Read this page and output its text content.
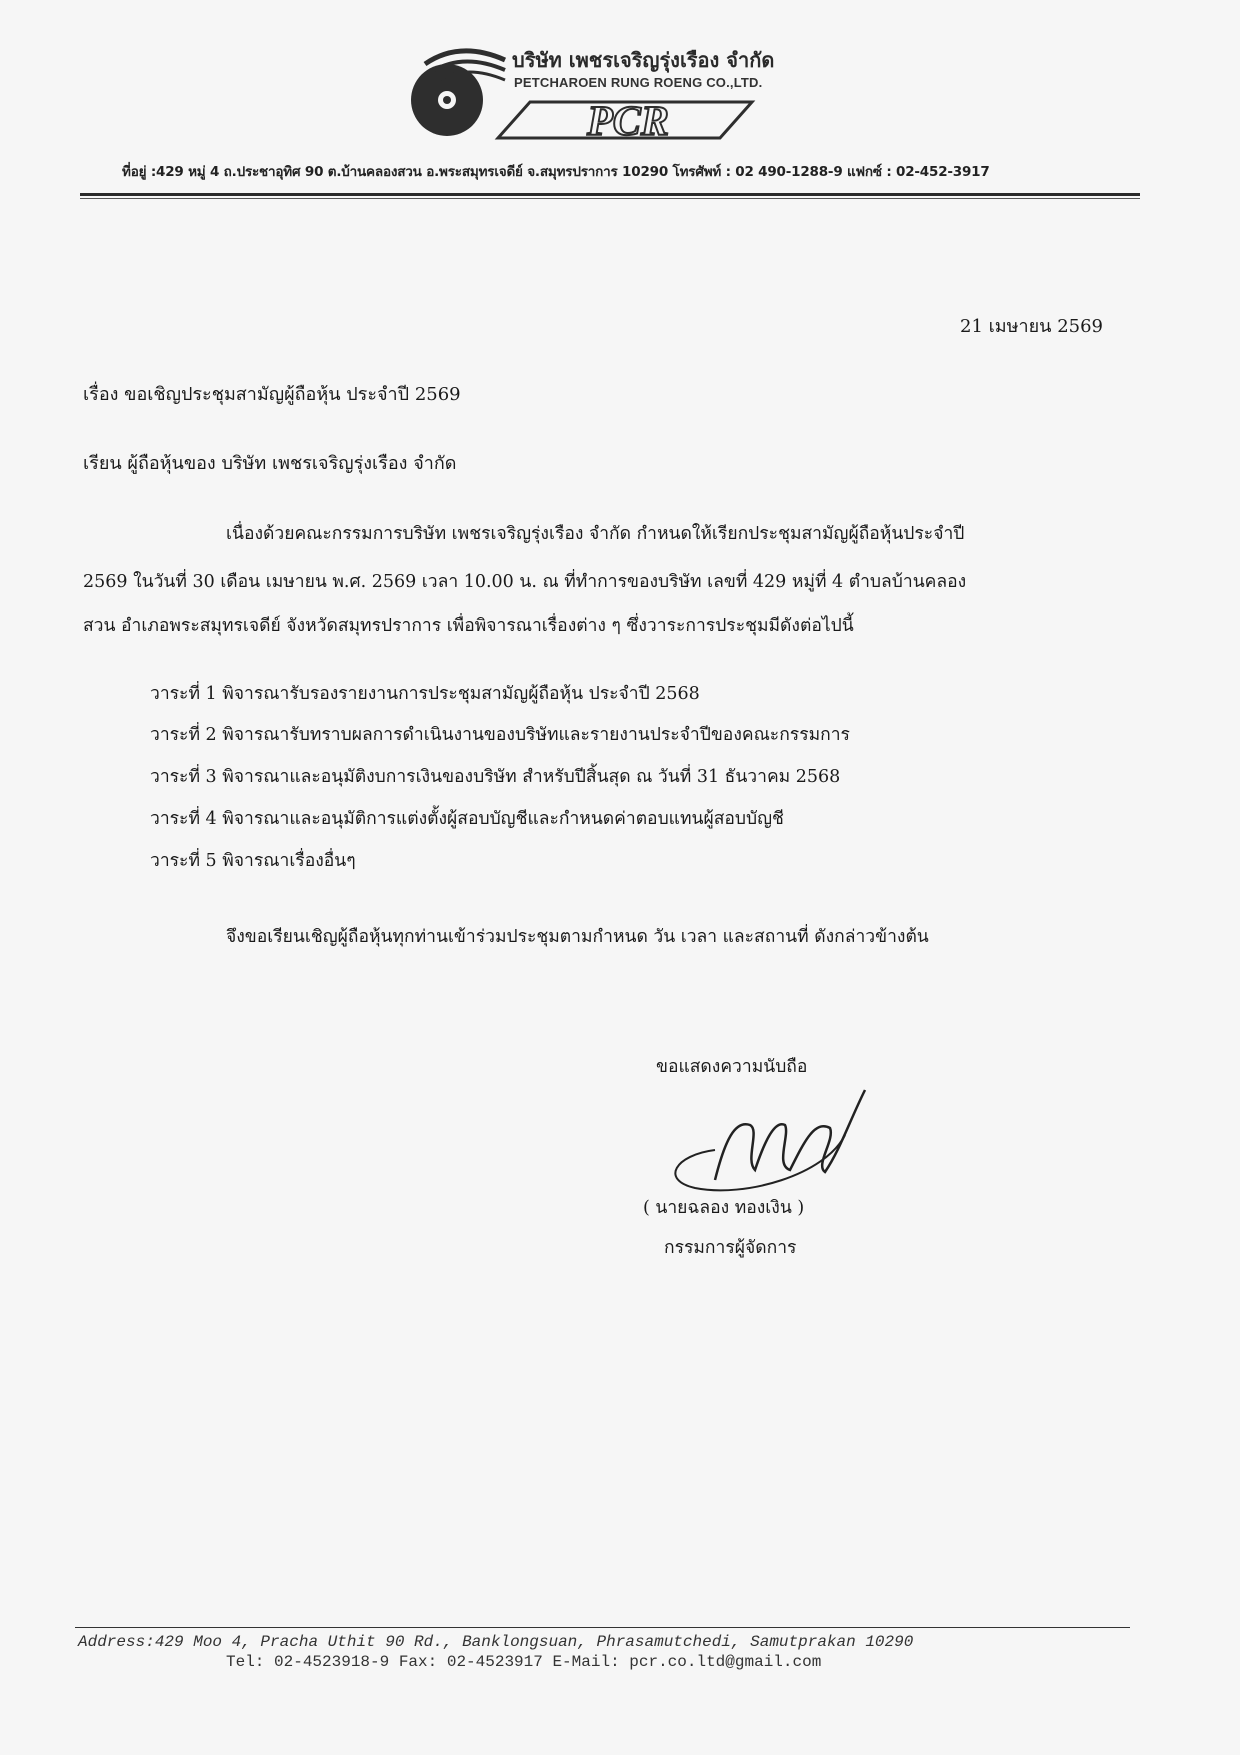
บริษัท เพชรเจริญรุ่งเรือง จำกัด
PETCHAROEN RUNG ROENG CO.,LTD.
PCR
ที่อยู่ :429 หมู่ 4 ถ.ประชาอุทิศ 90 ต.บ้านคลองสวน อ.พระสมุทรเจดีย์ จ.สมุทรปราการ 10290 โทรศัพท์ : 02 490-1288-9 แฟกซ์ : 02-452-3917
21 เมษายน 2569
เรื่อง ขอเชิญประชุมสามัญผู้ถือหุ้น ประจำปี 2569
เรียน ผู้ถือหุ้นของ บริษัท เพชรเจริญรุ่งเรือง จำกัด
เนื่องด้วยคณะกรรมการบริษัท เพชรเจริญรุ่งเรือง จำกัด กำหนดให้เรียกประชุมสามัญผู้ถือหุ้นประจำปี
2569 ในวันที่ 30 เดือน เมษายน พ.ศ. 2569 เวลา 10.00 น. ณ ที่ทำการของบริษัท เลขที่ 429 หมู่ที่ 4 ตำบลบ้านคลอง
สวน อำเภอพระสมุทรเจดีย์ จังหวัดสมุทรปราการ เพื่อพิจารณาเรื่องต่าง ๆ ซึ่งวาระการประชุมมีดังต่อไปนี้
วาระที่ 1 พิจารณารับรองรายงานการประชุมสามัญผู้ถือหุ้น ประจำปี 2568
วาระที่ 2 พิจารณารับทราบผลการดำเนินงานของบริษัทและรายงานประจำปีของคณะกรรมการ
วาระที่ 3 พิจารณาและอนุมัติงบการเงินของบริษัท สำหรับปีสิ้นสุด ณ วันที่ 31 ธันวาคม 2568
วาระที่ 4 พิจารณาและอนุมัติการแต่งตั้งผู้สอบบัญชีและกำหนดค่าตอบแทนผู้สอบบัญชี
วาระที่ 5 พิจารณาเรื่องอื่นๆ
จึงขอเรียนเชิญผู้ถือหุ้นทุกท่านเข้าร่วมประชุมตามกำหนด วัน เวลา และสถานที่ ดังกล่าวข้างต้น
ขอแสดงความนับถือ
( นายฉลอง ทองเงิน )
กรรมการผู้จัดการ
Address:429 Moo 4, Pracha Uthit 90 Rd., Banklongsuan, Phrasamutchedi, Samutprakan 10290
Tel: 02-4523918-9 Fax: 02-4523917 E-Mail: pcr.co.ltd@gmail.com
